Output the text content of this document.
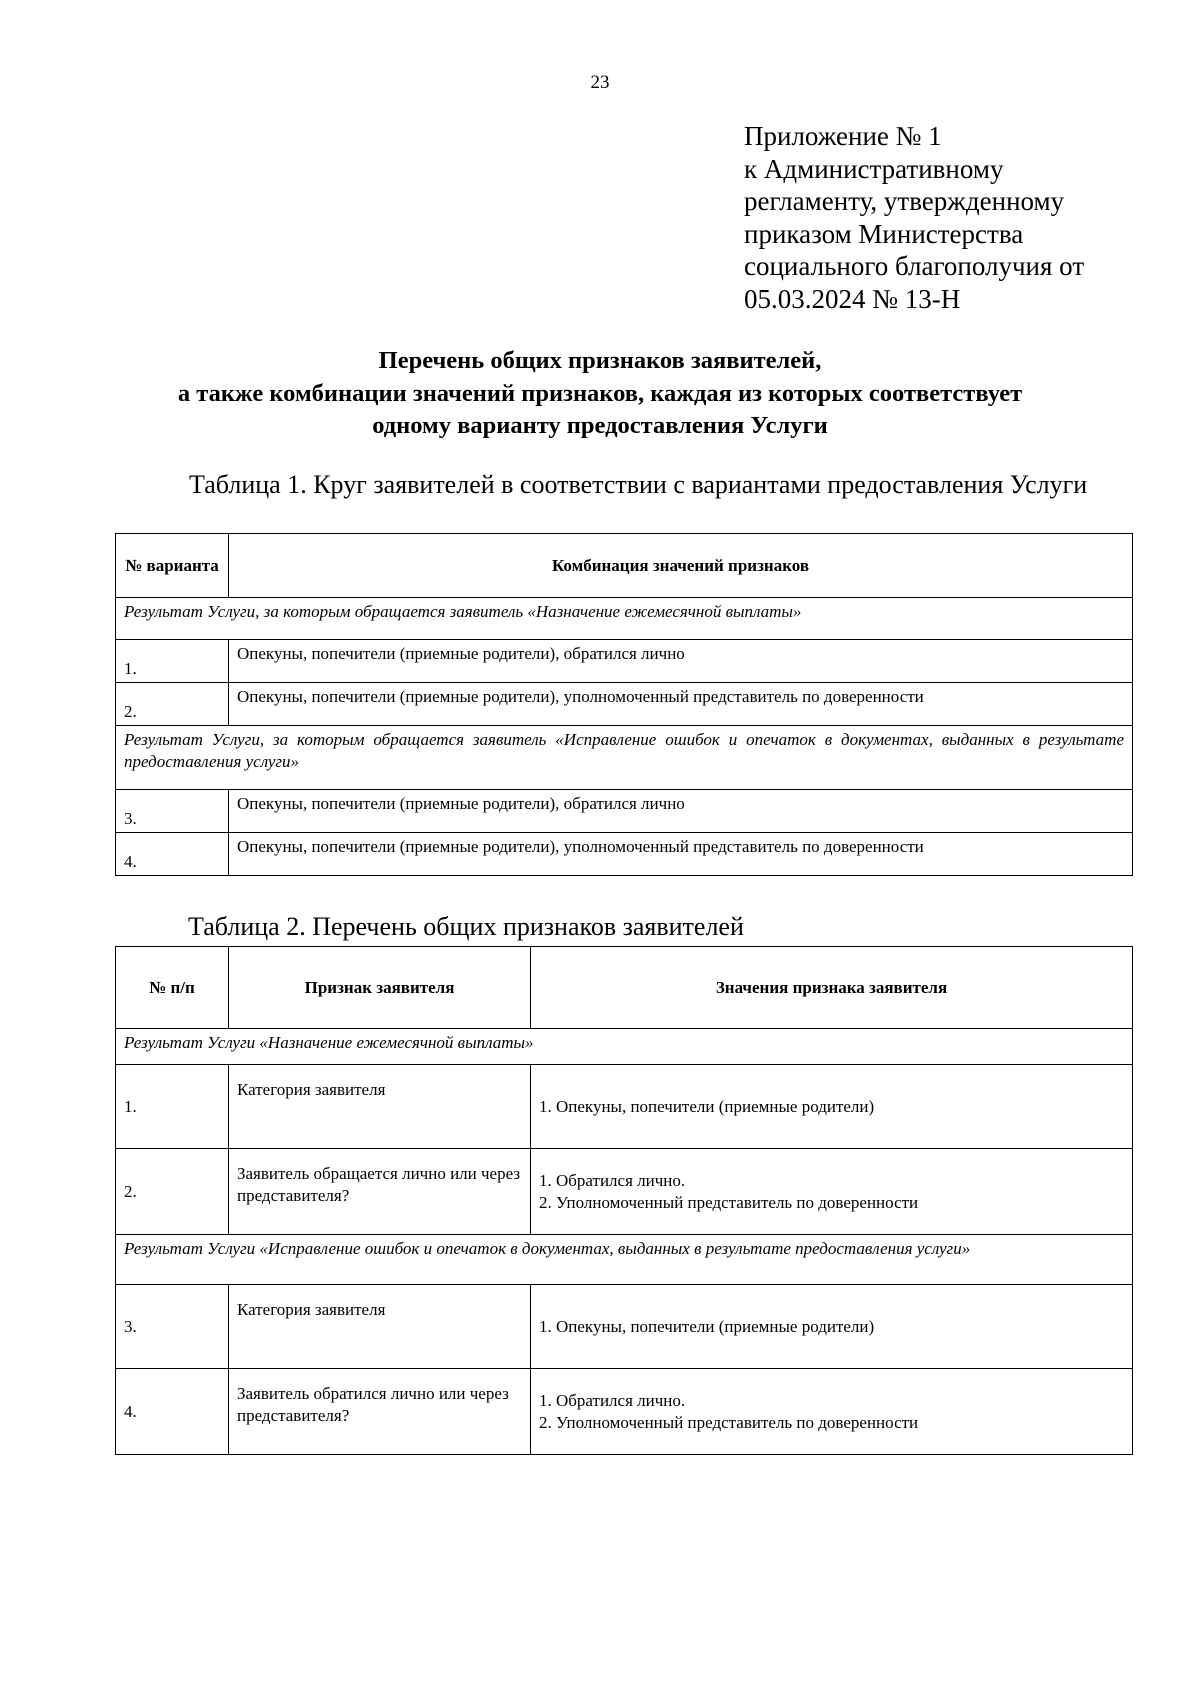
23
Приложение № 1
к Административному
регламенту, утвержденному
приказом Министерства
социального благополучия от
05.03.2024 № 13-Н
Перечень общих признаков заявителей,
а также комбинации значений признаков, каждая из которых соответствует
одному варианту предоставления Услуги
Таблица 1. Круг заявителей в соответствии с вариантами предоставления Услуги
№ варианта	Комбинация значений признаков
Результат Услуги, за которым обращается заявитель «Назначение ежемесячной выплаты»	
1.	Опекуны, попечители (приемные родители), обратился лично
2.	Опекуны, попечители (приемные родители), уполномоченный представитель по доверенности
Результат Услуги, за которым обращается заявитель «Исправление ошибок и опечаток в документах, выданных в результате предоставления услуги»	
3.	Опекуны, попечители (приемные родители), обратился лично
4.	Опекуны, попечители (приемные родители), уполномоченный представитель по доверенности
Таблица 2. Перечень общих признаков заявителей
№ п/п	Признак заявителя	Значения признака заявителя
Результат Услуги «Назначение ежемесячной выплаты»		
1.	Категория заявителя	1. Опекуны, попечители (приемные родители)

2.	Заявитель обращается лично или через представителя?	1. Обратился лично.
2. Уполномоченный представитель по доверенности

Результат Услуги «Исправление ошибок и опечаток в документах, выданных в результате предоставления услуги»		
3.	Категория заявителя	1. Опекуны, попечители (приемные родители)

4.	Заявитель обратился лично или через представителя?	1. Обратился лично.
2. Уполномоченный представитель по доверенности
